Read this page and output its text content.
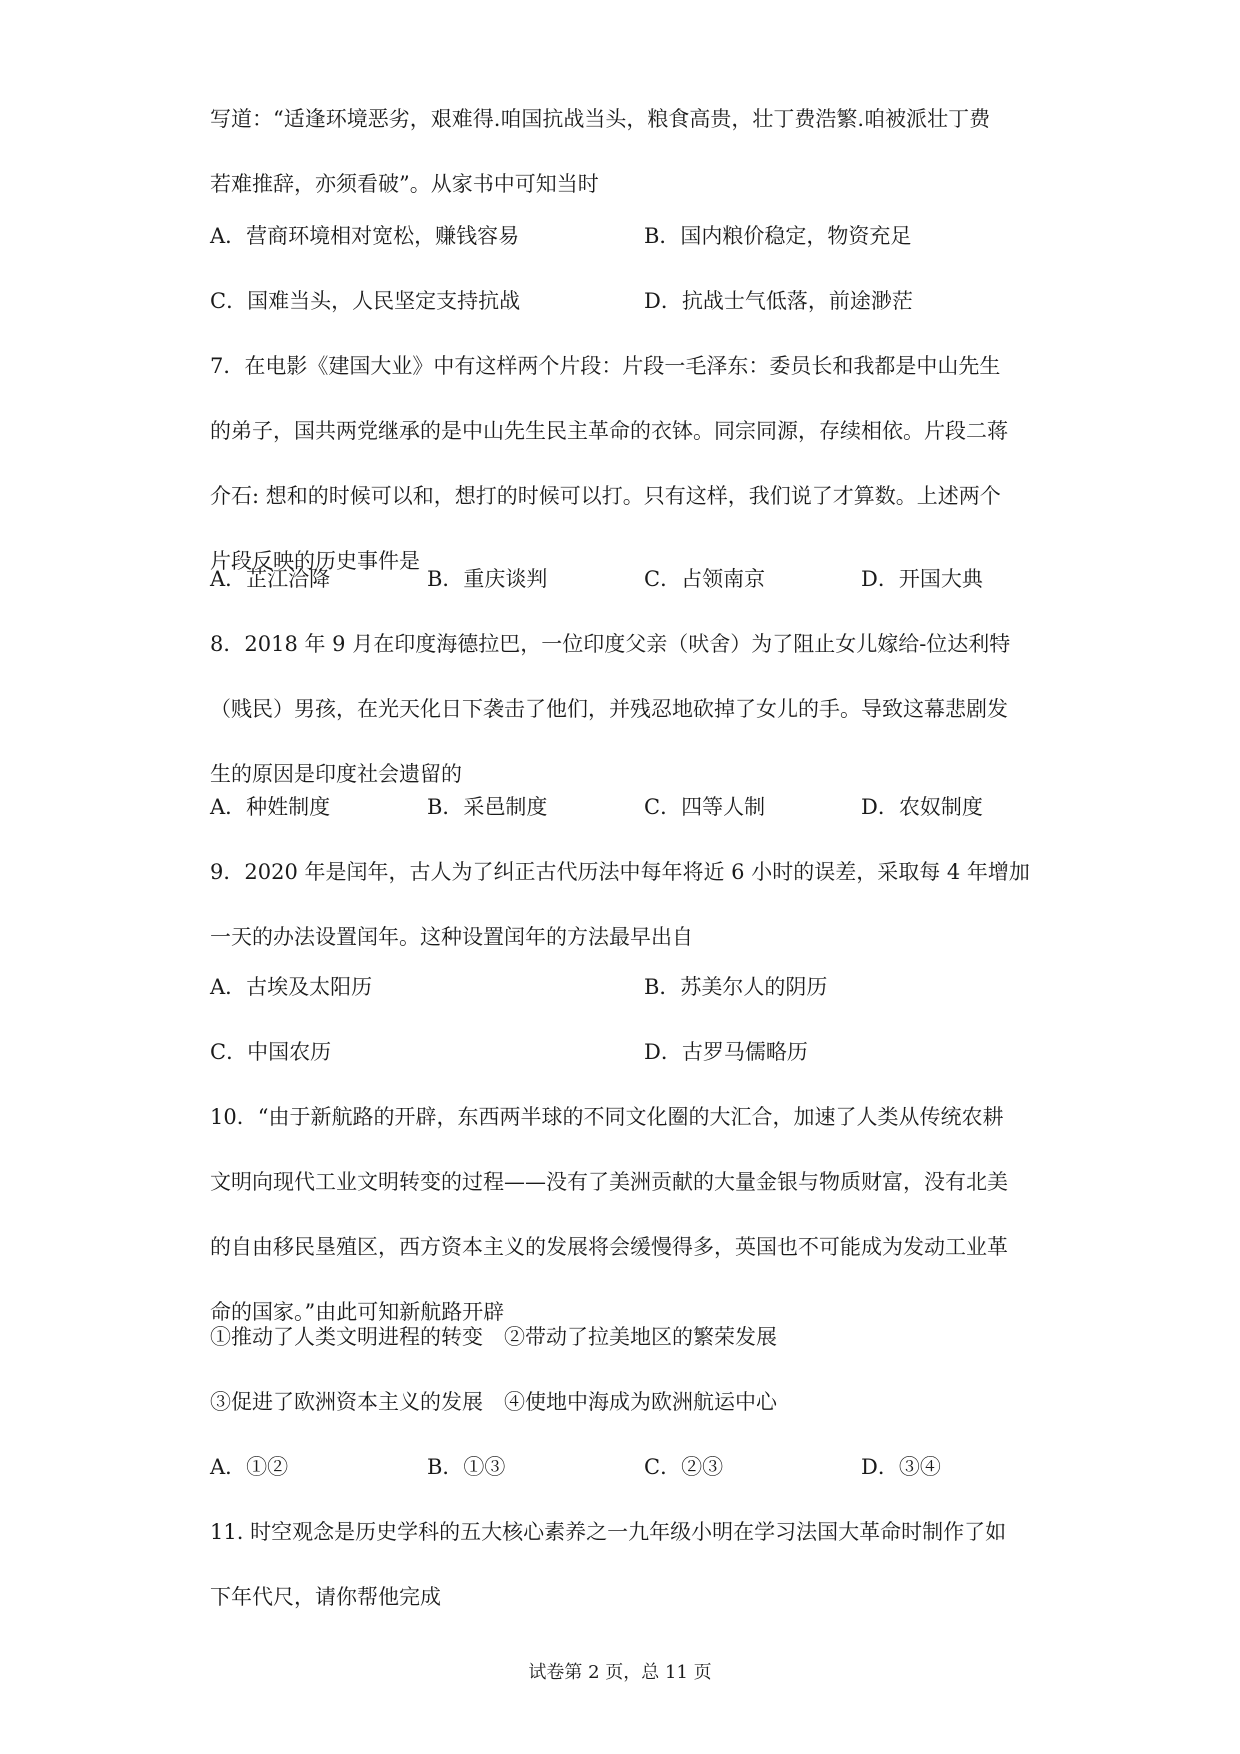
写道：“适逢环境恶劣，艰难得.咱国抗战当头，粮食高贵，壮丁费浩繁.咱被派壮丁费
若难推辞，亦须看破”。从家书中可知当时
A．营商环境相对宽松，赚钱容易	B．国内粮价稳定，物资充足
C．国难当头，人民坚定支持抗战	D．抗战士气低落，前途渺茫
7．在电影《建国大业》中有这样两个片段：片段一毛泽东：委员长和我都是中山先生
的弟子，国共两党继承的是中山先生民主革命的衣钵。同宗同源，存续相依。片段二蒋
介石: 想和的时候可以和，想打的时候可以打。只有这样，我们说了才算数。上述两个
片段反映的历史事件是
A．芷江洽降	B．重庆谈判	C．占领南京	D．开国大典
8．2018 年 9 月在印度海德拉巴，一位印度父亲（吠舍）为了阻止女儿嫁给-位达利特
（贱民）男孩，在光天化日下袭击了他们，并残忍地砍掉了女儿的手。导致这幕悲剧发
生的原因是印度社会遗留的
A．种姓制度	B．采邑制度	C．四等人制	D．农奴制度
9．2020 年是闰年，古人为了纠正古代历法中每年将近 6 小时的误差，采取每 4 年增加
一天的办法设置闰年。这种设置闰年的方法最早出自
A．古埃及太阳历	B．苏美尔人的阴历
C．中国农历	D．古罗马儒略历
10．“由于新航路的开辟，东西两半球的不同文化圈的大汇合，加速了人类从传统农耕
文明向现代工业文明转变的过程——没有了美洲贡献的大量金银与物质财富，没有北美
的自由移民垦殖区，西方资本主义的发展将会缓慢得多，英国也不可能成为发动工业革
命的国家。”由此可知新航路开辟
①推动了人类文明进程的转变　②带动了拉美地区的繁荣发展
③促进了欧洲资本主义的发展　④使地中海成为欧洲航运中心
A．①②	B．①③	C．②③	D．③④
11. 时空观念是历史学科的五大核心素养之一九年级小明在学习法国大革命时制作了如
下年代尺，请你帮他完成
试卷第 2 页，总 11 页
